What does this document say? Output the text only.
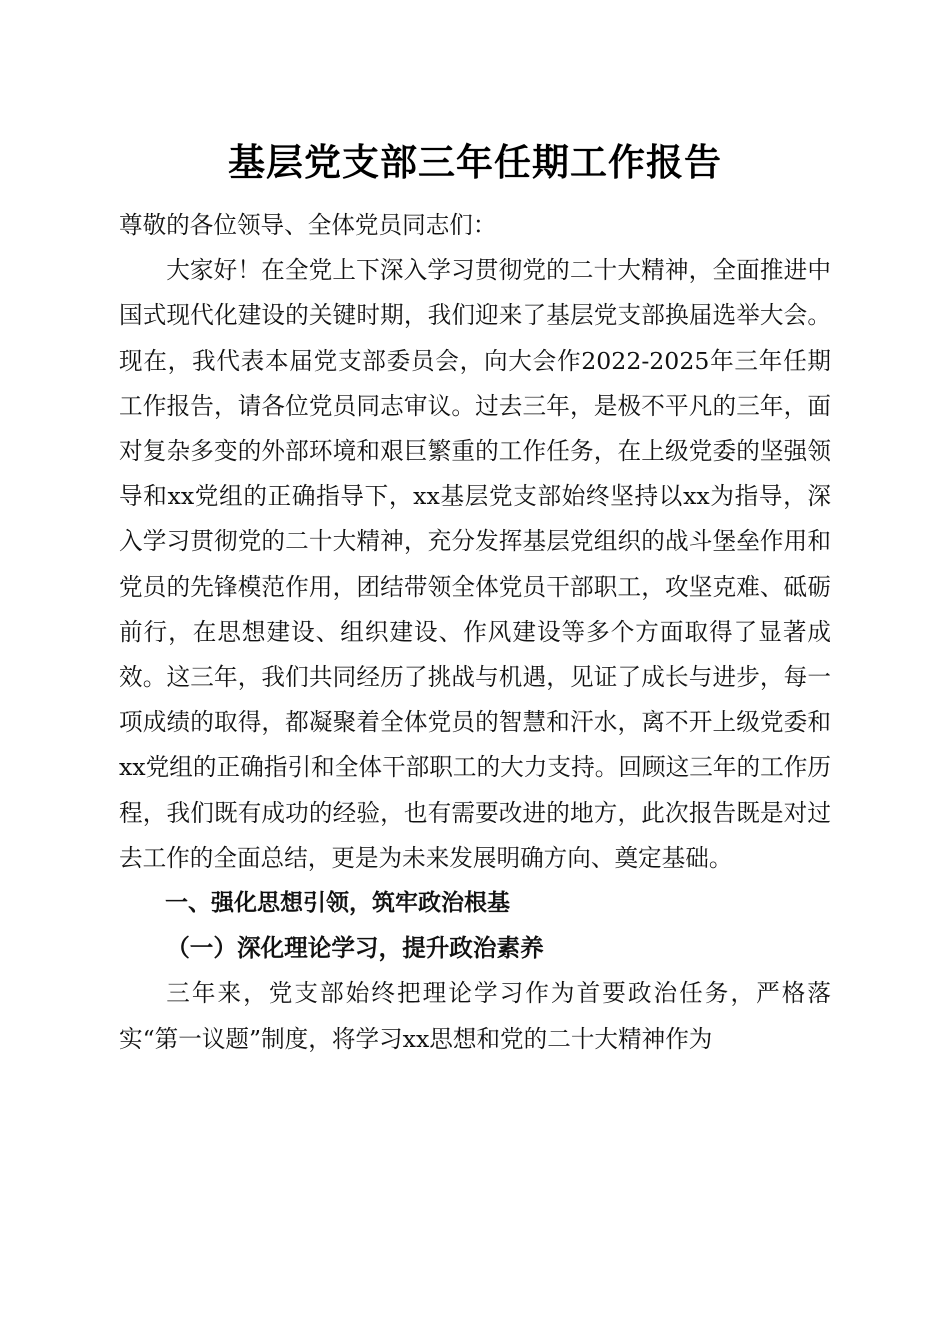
基层党支部三年任期工作报告

尊敬的各位领导、全体党员同志们：

大家好！在全党上下深入学习贯彻党的二十大精神，全面推进中国式现代化建设的关键时期，我们迎来了基层党支部换届选举大会。现在，我代表本届党支部委员会，向大会作2022-2025年三年任期工作报告，请各位党员同志审议。过去三年，是极不平凡的三年，面对复杂多变的外部环境和艰巨繁重的工作任务，在上级党委的坚强领导和xx党组的正确指导下，xx基层党支部始终坚持以xx为指导，深入学习贯彻党的二十大精神，充分发挥基层党组织的战斗堡垒作用和党员的先锋模范作用，团结带领全体党员干部职工，攻坚克难、砥砺前行，在思想建设、组织建设、作风建设等多个方面取得了显著成效。这三年，我们共同经历了挑战与机遇，见证了成长与进步，每一项成绩的取得，都凝聚着全体党员的智慧和汗水，离不开上级党委和xx党组的正确指引和全体干部职工的大力支持。回顾这三年的工作历程，我们既有成功的经验，也有需要改进的地方，此次报告既是对过去工作的全面总结，更是为未来发展明确方向、奠定基础。

一、强化思想引领，筑牢政治根基

（一）深化理论学习，提升政治素养

三年来，党支部始终把理论学习作为首要政治任务，严格落实“第一议题”制度，将学习xx思想和党的二十大精神作为
